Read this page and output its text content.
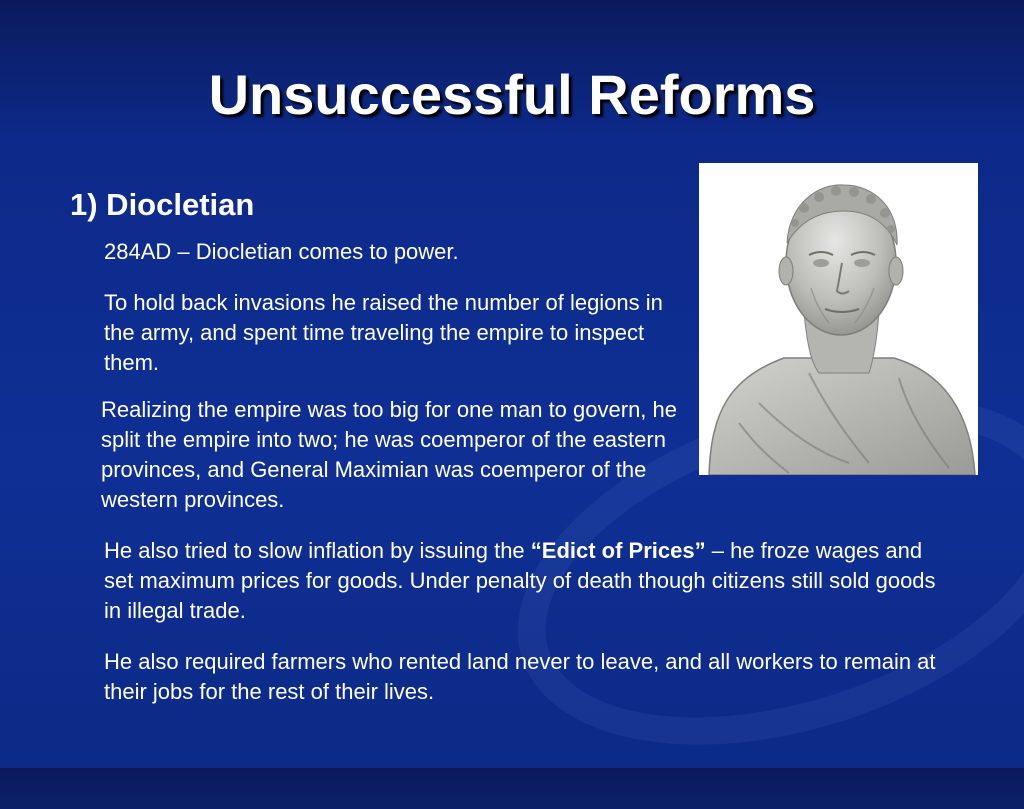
Unsuccessful Reforms
1) Diocletian
284AD – Diocletian comes to power.
To hold back invasions he raised the number of legions in the army, and spent time traveling the empire to inspect them.
Realizing the empire was too big for one man to govern, he split the empire into two; he was coemperor of the eastern provinces, and General Maximian was coemperor of the western provinces.
He also tried to slow inflation by issuing the “Edict of Prices” – he froze wages and set maximum prices for goods. Under penalty of death though citizens still sold goods in illegal trade.
He also required farmers who rented land never to leave, and all workers to remain at their jobs for the rest of their lives.
